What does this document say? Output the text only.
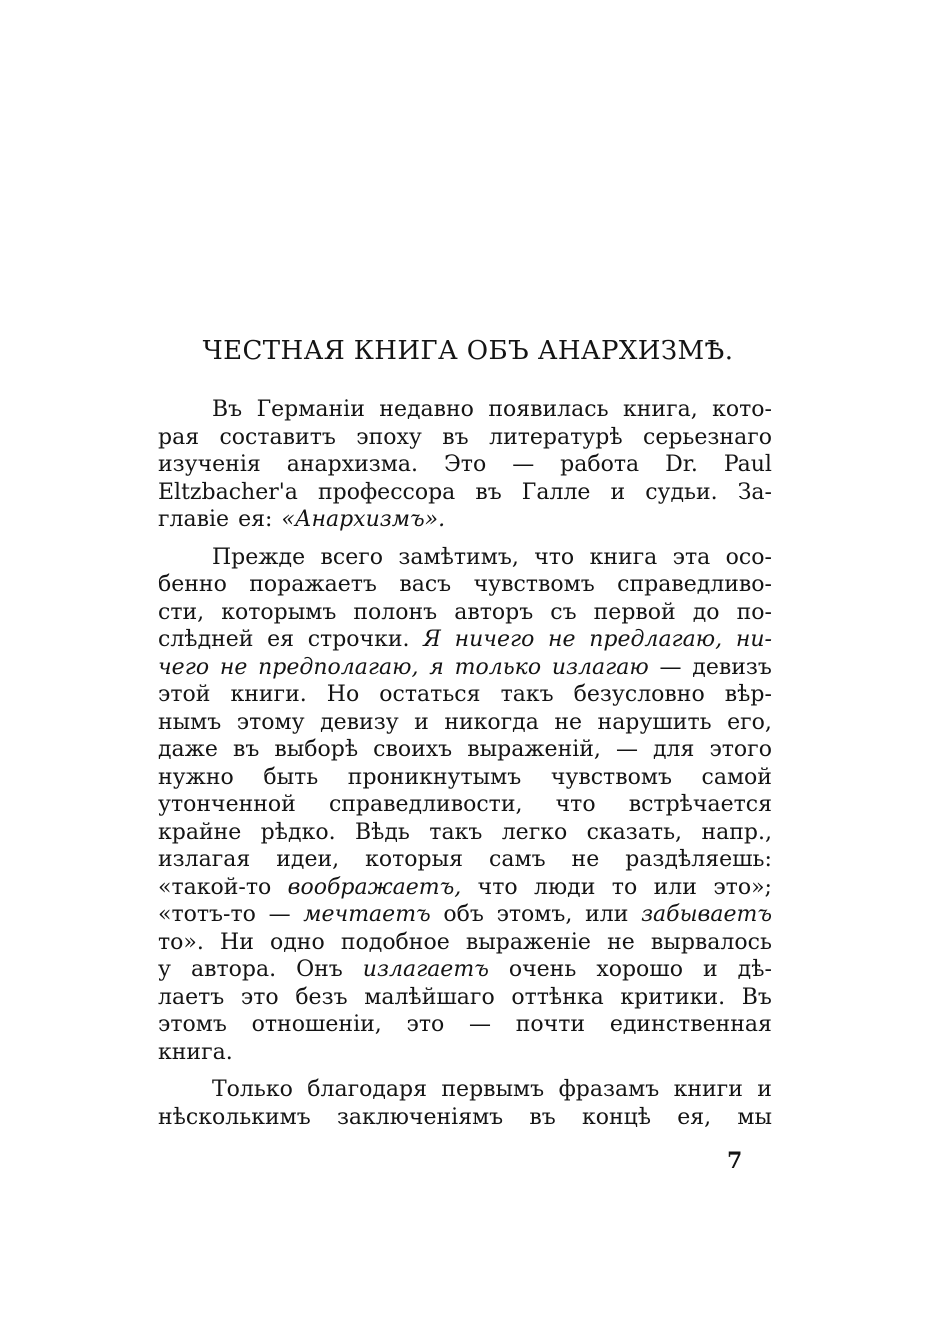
ЧЕСТНАЯ КНИГА ОБЪ АНАРХИЗМѢ.
Въ Германіи недавно появилась книга, кото-
рая составитъ эпоху въ литературѣ серьезнаго
изученія анархизма. Это — работа Dr. Paul
Eltzbacher'а профессора въ Галле и судьи. За-
главіе ея: «Анархизмъ».
Прежде всего замѣтимъ, что книга эта осо-
бенно поражаетъ васъ чувствомъ справедливо-
сти, которымъ полонъ авторъ съ первой до по-
слѣдней ея строчки. Я ничего не предлагаю, ни-
чего не предполагаю, я только излагаю — девизъ
этой книги. Но остаться такъ безусловно вѣр-
нымъ этому девизу и никогда не нарушить его,
даже въ выборѣ своихъ выраженій, — для этого
нужно быть проникнутымъ чувствомъ самой
утонченной справедливости, что встрѣчается
крайне рѣдко. Вѣдь такъ легко сказать, напр.,
излагая идеи, которыя самъ не раздѣляешь:
«такой-то воображаетъ, что люди то или это»;
«тотъ-то — мечтаетъ объ этомъ, или забываетъ
то». Ни одно подобное выраженіе не вырвалось
у автора. Онъ излагаетъ очень хорошо и дѣ-
лаетъ это безъ малѣйшаго оттѣнка критики. Въ
этомъ отношеніи, это — почти единственная
книга.
Только благодаря первымъ фразамъ книги и
нѣсколькимъ заключеніямъ въ концѣ ея, мы
7
